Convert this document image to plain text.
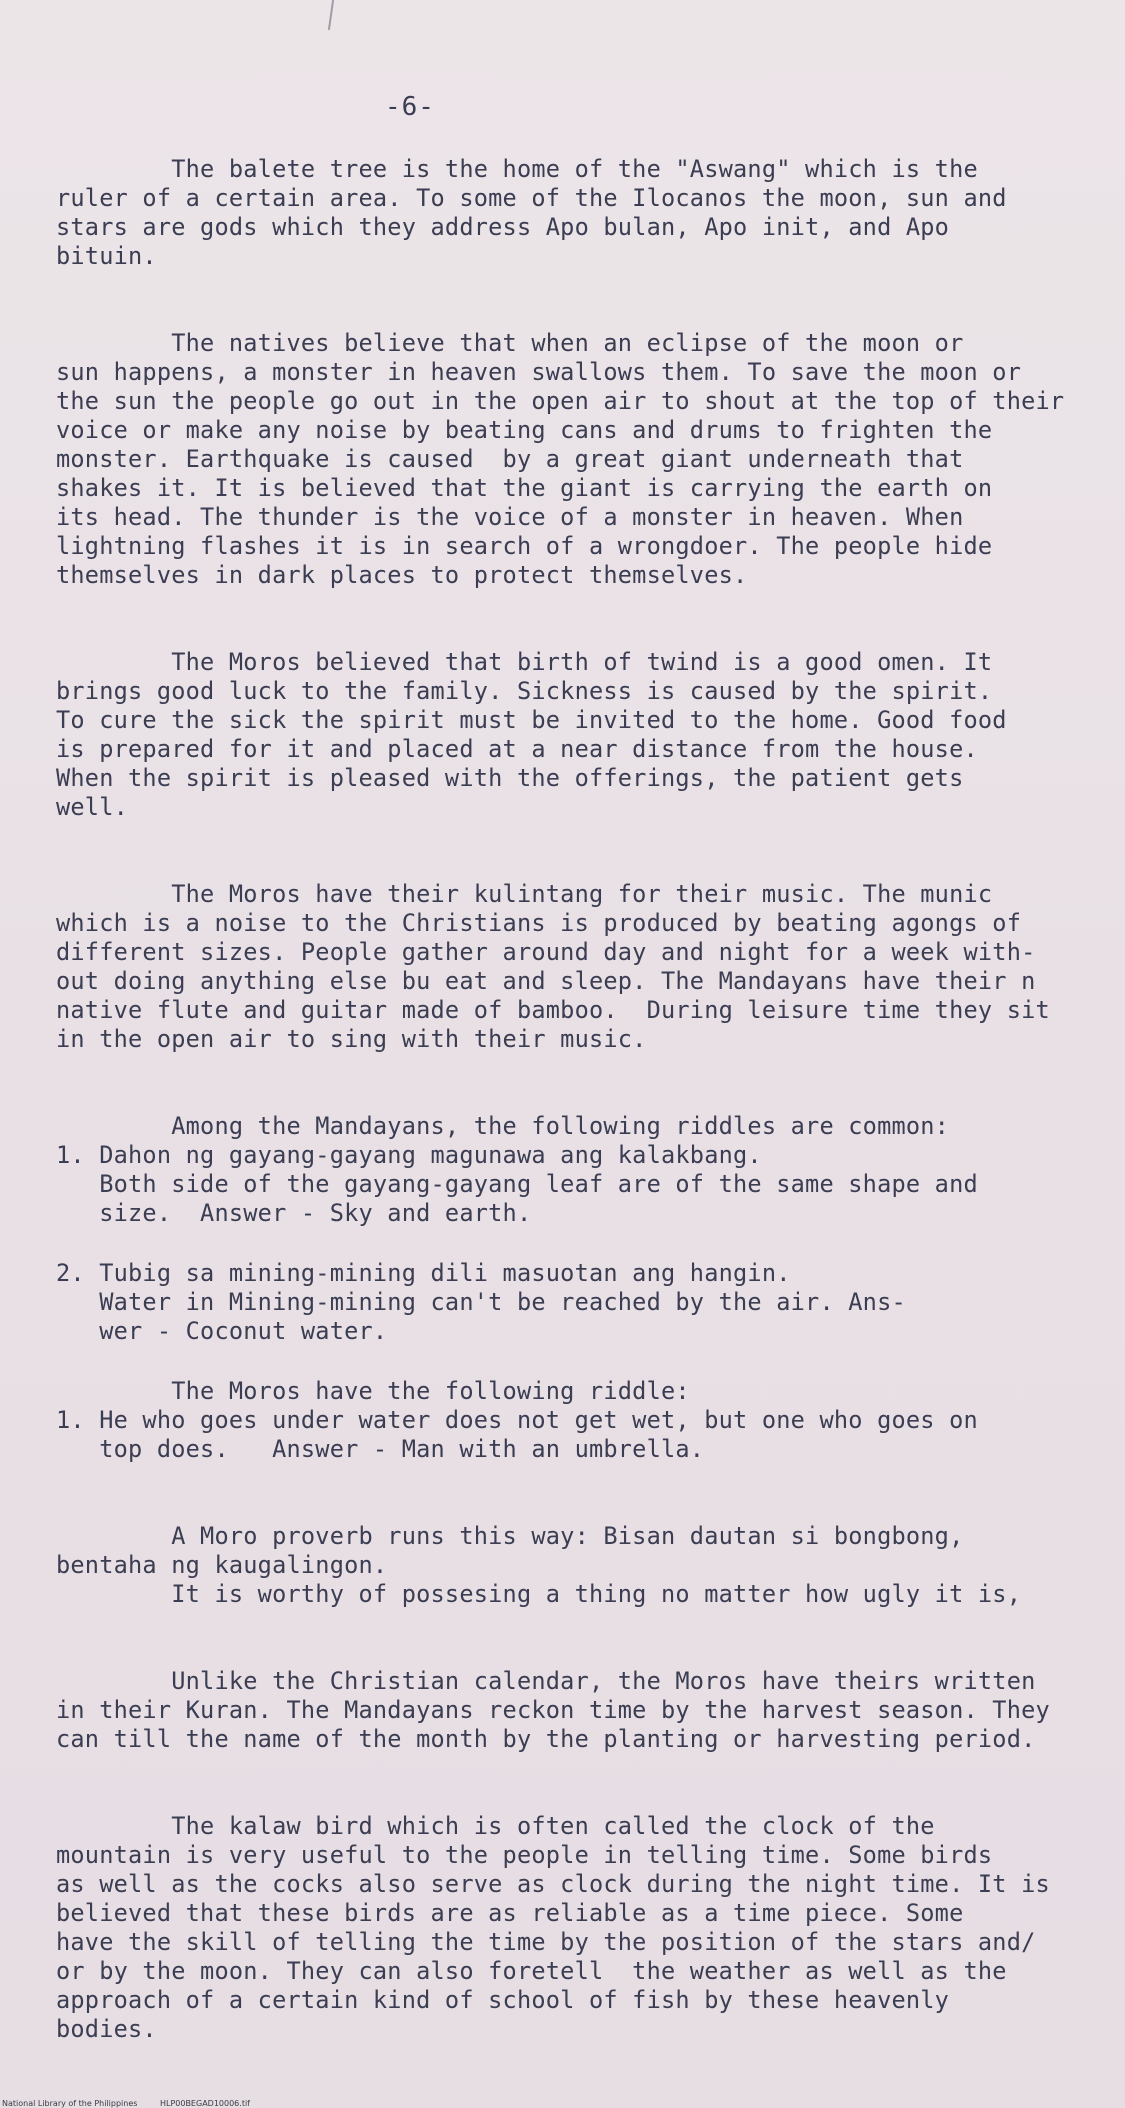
-6-

The balete tree is the home of the "Aswang" which is the

ruler of a certain area. To some of the Ilocanos the moon, sun and

stars are gods which they address Apo bulan, Apo init, and Apo

bituin.

The natives believe that when an eclipse of the moon or

sun happens, a monster in heaven swallows them. To save the moon or

the sun the people go out in the open air to shout at the top of their

voice or make any noise by beating cans and drums to frighten the

monster. Earthquake is caused  by a great giant underneath that

shakes it. It is believed that the giant is carrying the earth on

its head. The thunder is the voice of a monster in heaven. When

lightning flashes it is in search of a wrongdoer. The people hide

themselves in dark places to protect themselves.

The Moros believed that birth of twind is a good omen. It

brings good luck to the family. Sickness is caused by the spirit.

To cure the sick the spirit must be invited to the home. Good food

is prepared for it and placed at a near distance from the house.

When the spirit is pleased with the offerings, the patient gets

well.

The Moros have their kulintang for their music. The munic

which is a noise to the Christians is produced by beating agongs of

different sizes. People gather around day and night for a week with-

out doing anything else bu eat and sleep. The Mandayans have their n

native flute and guitar made of bamboo.  During leisure time they sit

in the open air to sing with their music.

Among the Mandayans, the following riddles are common:

1. Dahon ng gayang-gayang magunawa ang kalakbang.

Both side of the gayang-gayang leaf are of the same shape and

size.  Answer - Sky and earth.

2. Tubig sa mining-mining dili masuotan ang hangin.

Water in Mining-mining can't be reached by the air. Ans-

wer - Coconut water.

The Moros have the following riddle:

1. He who goes under water does not get wet, but one who goes on

top does.   Answer - Man with an umbrella.

A Moro proverb runs this way: Bisan dautan si bongbong,

bentaha ng kaugalingon.

It is worthy of possesing a thing no matter how ugly it is,

Unlike the Christian calendar, the Moros have theirs written

in their Kuran. The Mandayans reckon time by the harvest season. They

can till the name of the month by the planting or harvesting period.

The kalaw bird which is often called the clock of the

mountain is very useful to the people in telling time. Some birds

as well as the cocks also serve as clock during the night time. It is

believed that these birds are as reliable as a time piece. Some

have the skill of telling the time by the position of the stars and/

or by the moon. They can also foretell  the weather as well as the

approach of a certain kind of school of fish by these heavenly

bodies.

National Library of the Philippines	HLP00BEGAD10006.tif
